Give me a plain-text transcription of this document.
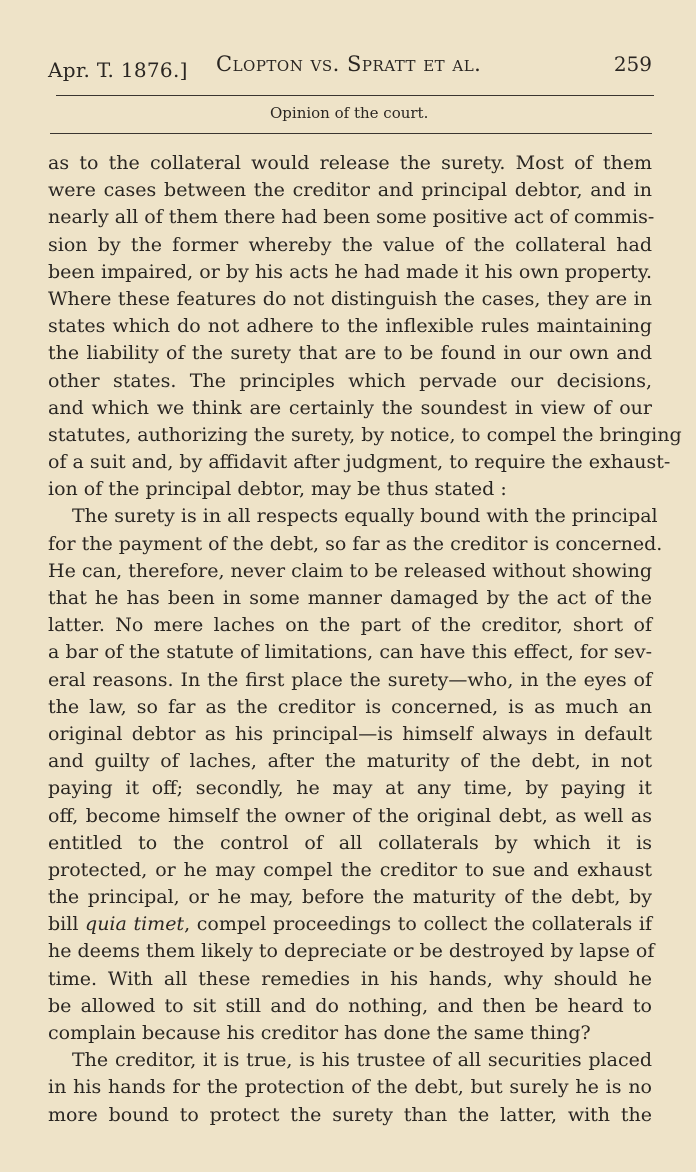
Apr. T. 1876.] Clopton vs. Spratt et al.	259
Opinion of the court.
as to the collateral would release the surety. Most of them
were cases between the creditor and principal debtor, and in
nearly all of them there had been some positive act of commis-
sion by the former whereby the value of the collateral had
been impaired, or by his acts he had made it his own property.
Where these features do not distinguish the cases, they are in
states which do not adhere to the inflexible rules maintaining
the liability of the surety that are to be found in our own and
other states. The principles which pervade our decisions,
and which we think are certainly the soundest in view of our
statutes, authorizing the surety, by notice, to compel the bringing
of a suit and, by affidavit after judgment, to require the exhaust-
ion of the principal debtor, may be thus stated :
The surety is in all respects equally bound with the principal
for the payment of the debt, so far as the creditor is concerned.
He can, therefore, never claim to be released without showing
that he has been in some manner damaged by the act of the
latter. No mere laches on the part of the creditor, short of
a bar of the statute of limitations, can have this effect, for sev-
eral reasons. In the first place the surety—who, in the eyes of
the law, so far as the creditor is concerned, is as much an
original debtor as his principal—is himself always in default
and guilty of laches, after the maturity of the debt, in not
paying it off; secondly, he may at any time, by paying it
off, become himself the owner of the original debt, as well as
entitled to the control of all collaterals by which it is
protected, or he may compel the creditor to sue and exhaust
the principal, or he may, before the maturity of the debt, by
bill quia timet, compel proceedings to collect the collaterals if
he deems them likely to depreciate or be destroyed by lapse of
time. With all these remedies in his hands, why should he
be allowed to sit still and do nothing, and then be heard to
complain because his creditor has done the same thing?
The creditor, it is true, is his trustee of all securities placed
in his hands for the protection of the debt, but surely he is no
more bound to protect the surety than the latter, with the
